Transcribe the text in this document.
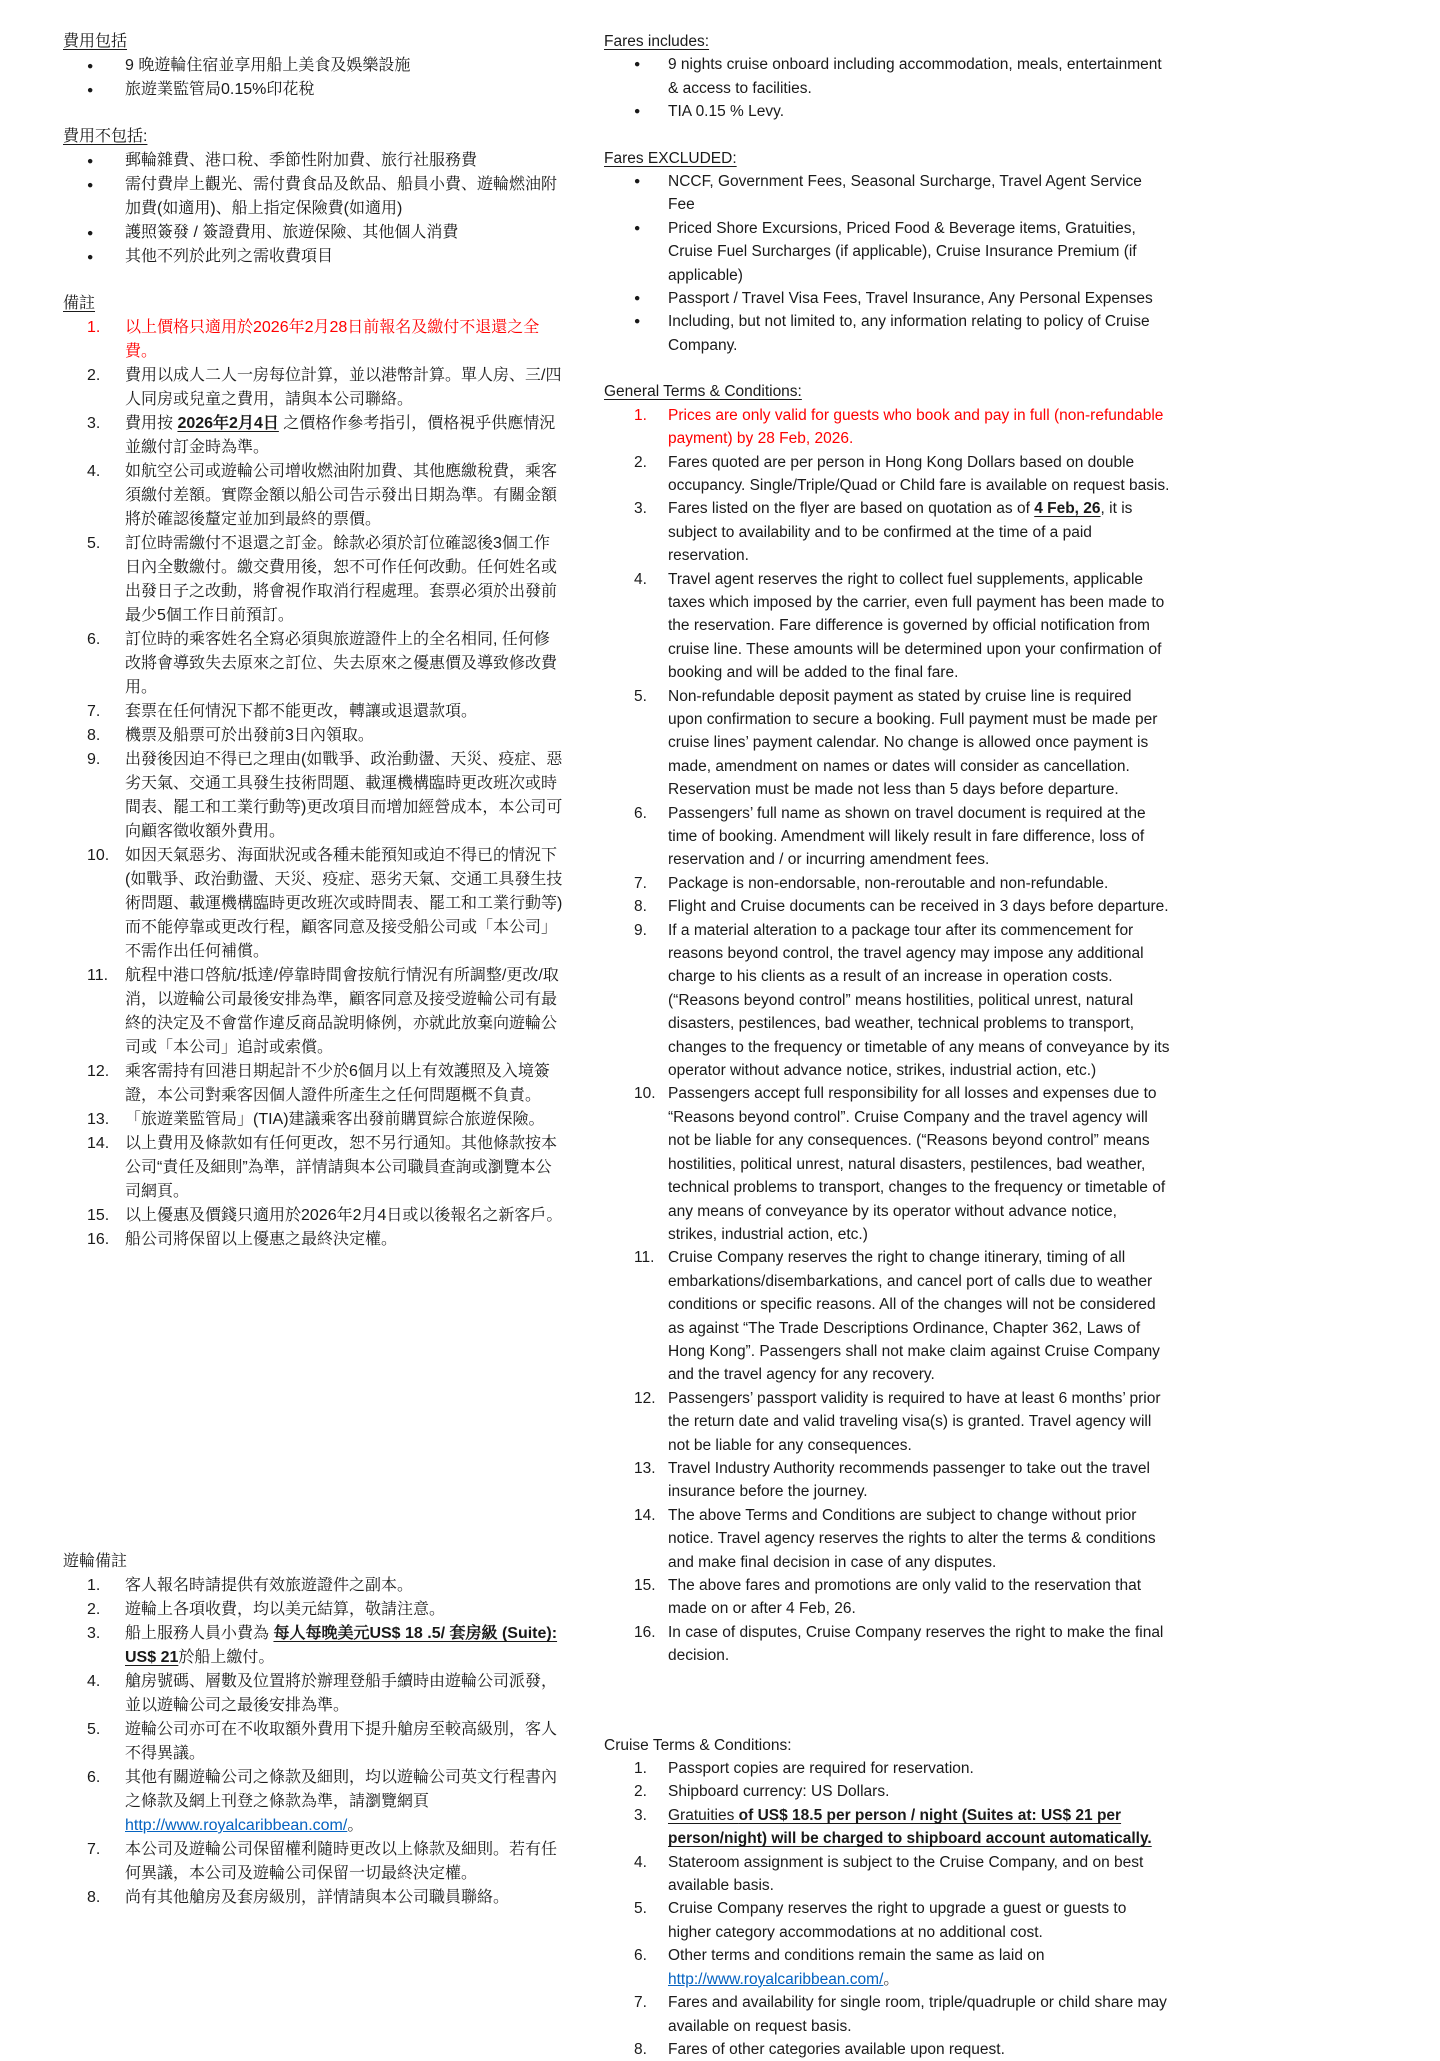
費用包括
●	9 晚遊輪住宿並享用船上美食及娛樂設施
●	旅遊業監管局0.15%印花稅
費用不包括:
●	郵輪雜費、港口稅、季節性附加費、旅行社服務費
●	需付費岸上觀光、需付費食品及飲品、船員小費、遊輪燃油附加費(如適用)、船上指定保險費(如適用)
●	護照簽發 / 簽證費用、旅遊保險、其他個人消費
●	其他不列於此列之需收費項目
備註
1.	以上價格只適用於2026年2月28日前報名及繳付不退還之全費。
2.	費用以成人二人一房每位計算，並以港幣計算。單人房、三/四人同房或兒童之費用，請與本公司聯絡。
3.	費用按 2026年2月4日 之價格作參考指引，價格視乎供應情況並繳付訂金時為準。
4.	如航空公司或遊輪公司增收燃油附加費、其他應繳稅費，乘客須繳付差額。實際金額以船公司告示發出日期為準。有關金額將於確認後釐定並加到最終的票價。
5.	訂位時需繳付不退還之訂金。餘款必須於訂位確認後3個工作日內全數繳付。繳交費用後，恕不可作任何改動。任何姓名或出發日子之改動，將會視作取消行程處理。套票必須於出發前最少5個工作日前預訂。
6.	訂位時的乘客姓名全寫必須與旅遊證件上的全名相同, 任何修改將會導致失去原來之訂位、失去原來之優惠價及導致修改費用。
7.	套票在任何情況下都不能更改，轉讓或退還款項。
8.	機票及船票可於出發前3日內領取。
9.	出發後因迫不得已之理由(如戰爭、政治動盪、天災、疫症、惡劣天氣、交通工具發生技術問題、載運機構臨時更改班次或時間表、罷工和工業行動等)更改項目而增加經營成本，本公司可向顧客徵收額外費用。
10. 如因天氣惡劣、海面狀況或各種未能預知或迫不得已的情況下(如戰爭、政治動盪、天災、疫症、惡劣天氣、交通工具發生技術問題、載運機構臨時更改班次或時間表、罷工和工業行動等)而不能停靠或更改行程，顧客同意及接受船公司或「本公司」不需作出任何補償。
11.	航程中港口啓航/抵達/停靠時間會按航行情況有所調整/更改/取消，以遊輪公司最後安排為準，顧客同意及接受遊輪公司有最終的決定及不會當作違反商品說明條例，亦就此放棄向遊輪公司或「本公司」追討或索償。
12. 乘客需持有回港日期起計不少於6個月以上有效護照及入境簽證，本公司對乘客因個人證件所產生之任何問題概不負責。
13. 「旅遊業監管局」(TIA)建議乘客出發前購買綜合旅遊保險。
14. 以上費用及條款如有任何更改，恕不另行通知。其他條款按本公司“責任及細則”為準，詳情請與本公司職員查詢或瀏覽本公司網頁。
15. 以上優惠及價錢只適用於2026年2月4日或以後報名之新客戶。
16. 船公司將保留以上優惠之最終決定權。
遊輪備註
1.	客人報名時請提供有效旅遊證件之副本。
2.	遊輪上各項收費，均以美元結算，敬請注意。
3.	船上服務人員小費為 每人每晚美元US$ 18 .5/ 套房級 (Suite): US$ 21於船上繳付。
4.	艙房號碼、層數及位置將於辦理登船手續時由遊輪公司派發，並以遊輪公司之最後安排為準。
5.	遊輪公司亦可在不收取額外費用下提升艙房至較高級別，客人不得異議。
6.	其他有關遊輪公司之條款及細則，均以遊輪公司英文行程書內之條款及網上刊登之條款為準，請瀏覽網頁http://www.royalcaribbean.com/。
7.	本公司及遊輪公司保留權利隨時更改以上條款及細則。若有任何異議，本公司及遊輪公司保留一切最終決定權。
8.	尚有其他艙房及套房級別，詳情請與本公司職員聯絡。
Fares includes:
●	9 nights cruise onboard including accommodation, meals, entertainment & access to facilities.
●	TIA 0.15 % Levy.
Fares EXCLUDED:
●	NCCF, Government Fees, Seasonal Surcharge, Travel Agent Service Fee
●	Priced Shore Excursions, Priced Food & Beverage items, Gratuities, Cruise Fuel Surcharges (if applicable), Cruise Insurance Premium (if applicable)
●	Passport / Travel Visa Fees, Travel Insurance, Any Personal Expenses
●	Including, but not limited to, any information relating to policy of Cruise Company.
General Terms & Conditions:
1.	Prices are only valid for guests who book and pay in full (non-refundable payment) by 28 Feb, 2026.
2.	Fares quoted are per person in Hong Kong Dollars based on double occupancy. Single/Triple/Quad or Child fare is available on request basis.
3.	Fares listed on the flyer are based on quotation as of 4 Feb, 26, it is subject to availability and to be confirmed at the time of a paid reservation.
4.	Travel agent reserves the right to collect fuel supplements, applicable taxes which imposed by the carrier, even full payment has been made to the reservation. Fare difference is governed by official notification from cruise line. These amounts will be determined upon your confirmation of booking and will be added to the final fare.
5.	Non-refundable deposit payment as stated by cruise line is required upon confirmation to secure a booking. Full payment must be made per cruise lines’ payment calendar. No change is allowed once payment is made, amendment on names or dates will consider as cancellation. Reservation must be made not less than 5 days before departure.
6.	Passengers’ full name as shown on travel document is required at the time of booking. Amendment will likely result in fare difference, loss of reservation and / or incurring amendment fees.
7.	Package is non-endorsable, non-reroutable and non-refundable.
8.	Flight and Cruise documents can be received in 3 days before departure.
9.	If a material alteration to a package tour after its commencement for reasons beyond control, the travel agency may impose any additional charge to his clients as a result of an increase in operation costs. (“Reasons beyond control” means hostilities, political unrest, natural disasters, pestilences, bad weather, technical problems to transport, changes to the frequency or timetable of any means of conveyance by its operator without advance notice, strikes, industrial action, etc.)
10. Passengers accept full responsibility for all losses and expenses due to “Reasons beyond control”. Cruise Company and the travel agency will not be liable for any consequences. (“Reasons beyond control” means hostilities, political unrest, natural disasters, pestilences, bad weather, technical problems to transport, changes to the frequency or timetable of any means of conveyance by its operator without advance notice, strikes, industrial action, etc.)
11. Cruise Company reserves the right to change itinerary, timing of all embarkations/disembarkations, and cancel port of calls due to weather conditions or specific reasons. All of the changes will not be considered as against “The Trade Descriptions Ordinance, Chapter 362, Laws of Hong Kong”. Passengers shall not make claim against Cruise Company and the travel agency for any recovery.
12. Passengers’ passport validity is required to have at least 6 months’ prior the return date and valid traveling visa(s) is granted. Travel agency will not be liable for any consequences.
13. Travel Industry Authority recommends passenger to take out the travel insurance before the journey.
14. The above Terms and Conditions are subject to change without prior notice. Travel agency reserves the rights to alter the terms & conditions and make final decision in case of any disputes.
15. The above fares and promotions are only valid to the reservation that made on or after 4 Feb, 26.
16. In case of disputes, Cruise Company reserves the right to make the final decision.
Cruise Terms & Conditions:
1.	Passport copies are required for reservation.
2.	Shipboard currency: US Dollars.
3.	Gratuities of US$ 18.5 per person / night (Suites at: US$ 21 per person/night) will be charged to shipboard account automatically.
4.	Stateroom assignment is subject to the Cruise Company, and on best available basis.
5.	Cruise Company reserves the right to upgrade a guest or guests to higher category accommodations at no additional cost.
6.	Other terms and conditions remain the same as laid on
http://www.royalcaribbean.com/。
7.	Fares and availability for single room, triple/quadruple or child share may available on request basis.
8.	Fares of other categories available upon request.
